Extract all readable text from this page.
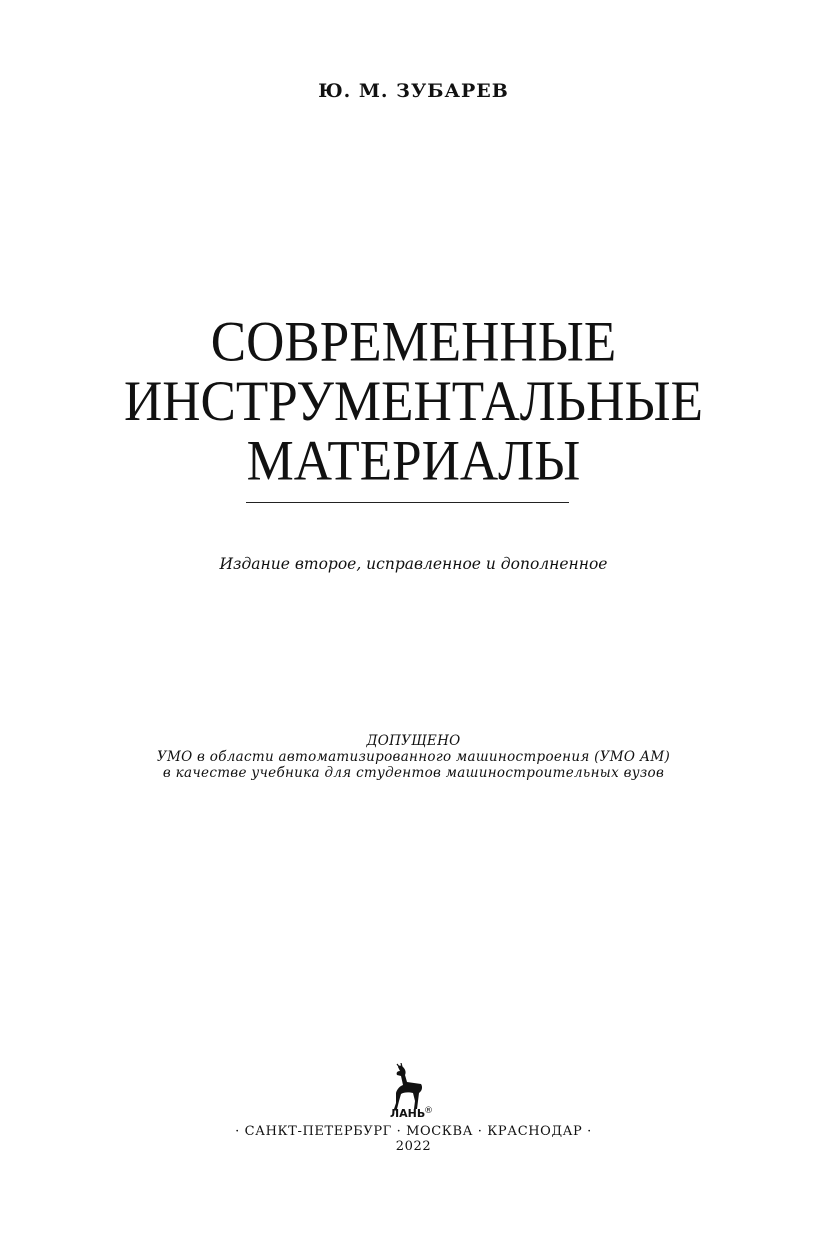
Ю. М. ЗУБАРЕВ
СОВРЕМЕННЫЕ
ИНСТРУМЕНТАЛЬНЫЕ
МАТЕРИАЛЫ
Издание второе, исправленное и дополненное
ДОПУЩЕНО
УМО в области автоматизированного машиностроения (УМО АМ)
в качестве учебника для студентов машиностроительных вузов
ЛАНЬ
®
· САНКТ-ПЕТЕРБУРГ · МОСКВА · КРАСНОДАР ·
2022
